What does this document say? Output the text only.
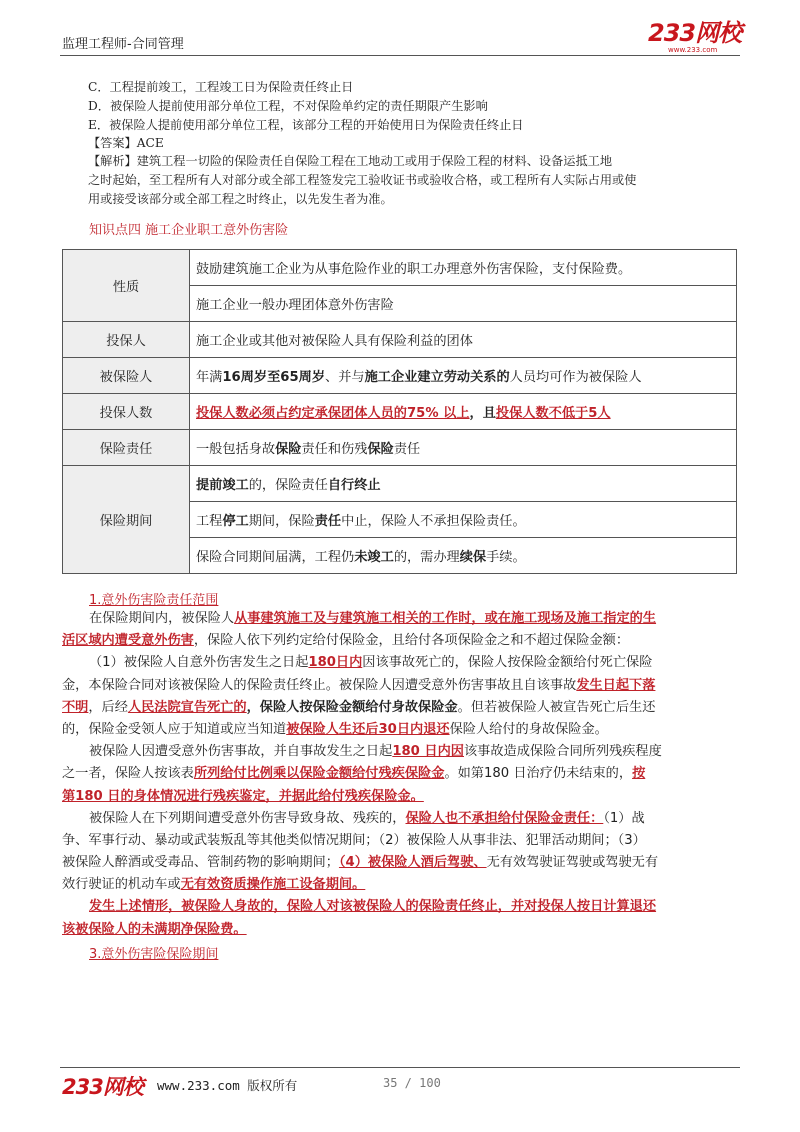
监理工程师-合同管理	233网校
www.233.com
C．工程提前竣工，工程竣工日为保险责任终止日
D．被保险人提前使用部分单位工程，不对保险单约定的责任期限产生影响
E．被保险人提前使用部分单位工程，该部分工程的开始使用日为保险责任终止日
【答案】ACE

【解析】建筑工程一切险的保险责任自保险工程在工地动工或用于保险工程的材料、设备运抵工地

之时起始，至工程所有人对部分或全部工程签发完工验收证书或验收合格，或工程所有人实际占用或使

用或接受该部分或全部工程之时终止，以先发生者为准。

知识点四 施工企业职工意外伤害险
性质	鼓励建筑施工企业为从事危险作业的职工办理意外伤害保险，支付保险费。
	施工企业一般办理团体意外伤害险
投保人	施工企业或其他对被保险人具有保险利益的团体
被保险人	年满16周岁至65周岁、并与施工企业建立劳动关系的人员均可作为被保险人
投保人数	投保人数必须占约定承保团体人员的75% 以上，且投保人数不低于5人
保险责任	一般包括身故保险责任和伤残保险责任
保险期间	提前竣工的，保险责任自行终止
	工程停工期间，保险责任中止，保险人不承担保险责任。
	保险合同期间届满，工程仍未竣工的，需办理续保手续。
1.意外伤害险责任范围
在保险期间内，被保险人从事建筑施工及与建筑施工相关的工作时，或在施工现场及施工指定的生
活区域内遭受意外伤害，保险人依下列约定给付保险金，且给付各项保险金之和不超过保险金额：
（1）被保险人自意外伤害发生之日起180日内因该事故死亡的，保险人按保险金额给付死亡保险
金，本保险合同对该被保险人的保险责任终止。被保险人因遭受意外伤害事故且自该事故发生日起下落
不明，后经人民法院宣告死亡的，保险人按保险金额给付身故保险金。但若被保险人被宣告死亡后生还
的，保险金受领人应于知道或应当知道被保险人生还后30日内退还保险人给付的身故保险金。
被保险人因遭受意外伤害事故，并自事故发生之日起180 日内因该事故造成保险合同所列残疾程度
之一者，保险人按该表所列给付比例乘以保险金额给付残疾保险金。如第180 日治疗仍未结束的，按
第180 日的身体情况进行残疾鉴定，并据此给付残疾保险金。
被保险人在下列期间遭受意外伤害导致身故、残疾的，保险人也不承担给付保险金责任：（1）战
争、军事行动、暴动或武装叛乱等其他类似情况期间；（2）被保险人从事非法、犯罪活动期间；（3）
被保险人醉酒或受毒品、管制药物的影响期间；（4）被保险人酒后驾驶、无有效驾驶证驾驶或驾驶无有
效行驶证的机动车或无有效资质操作施工设备期间。
发生上述情形，被保险人身故的，保险人对该被保险人的保险责任终止，并对投保人按日计算退还
该被保险人的未满期净保险费。
3.意外伤害险保险期间
233网校 www.233.com 版权所有	35 / 100
